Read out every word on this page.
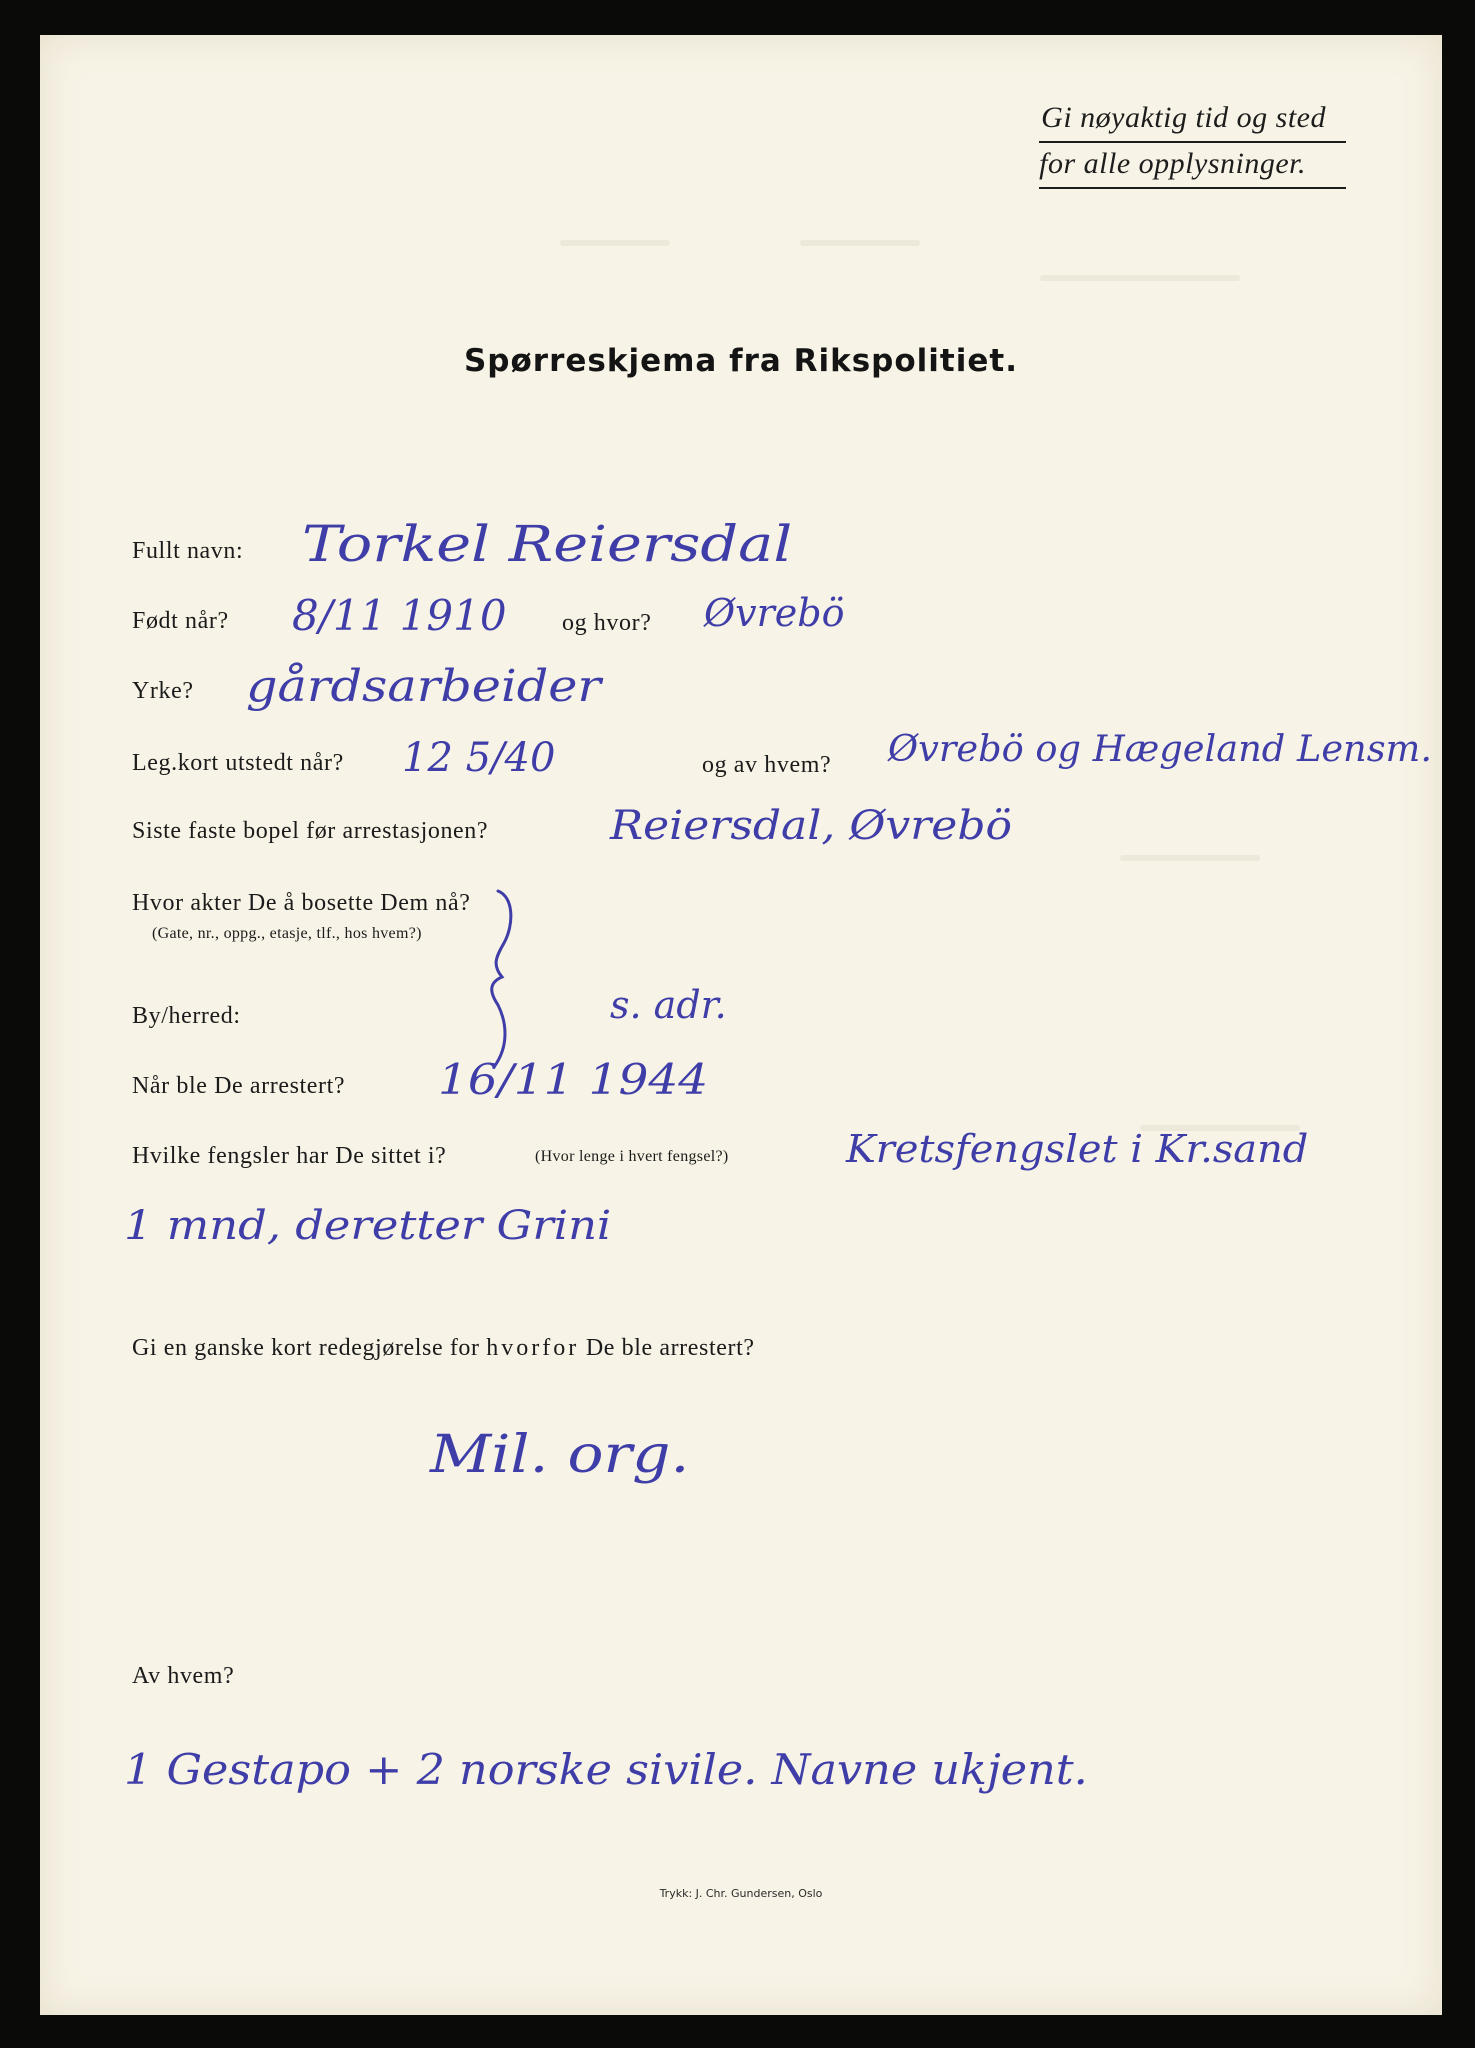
Gi nøyaktig tid og sted
for alle opplysninger.
Spørreskjema fra Rikspolitiet.
Fullt navn: Torkel Reiersdal
Født når? 8/11 1910 og hvor? Øvrebö
Yrke? gårdsarbeider
Leg.kort utstedt når? 12 5/40	og av hvem? Øvrebö og Hægeland Lensm.
Siste faste bopel før arrestasjonen?	Reiersdal, Øvrebö
Hvor akter De å bosette Dem nå?
(Gate, nr., oppg., etasje, tlf., hos hvem?)
By/herred:	s. adr.
Når ble De arrestert? 16/11 1944
Hvilke fengsler har De sittet i?	(Hvor lenge i hvert fengsel?)	Kretsfengslet i Kr.sand
1 mnd, deretter Grini
Gi en ganske kort redegjørelse for hvorfor De ble arrestert?
Mil. org.
Av hvem?
1 Gestapo + 2 norske sivile. Navne ukjent.
Trykk: J. Chr. Gundersen, Oslo
